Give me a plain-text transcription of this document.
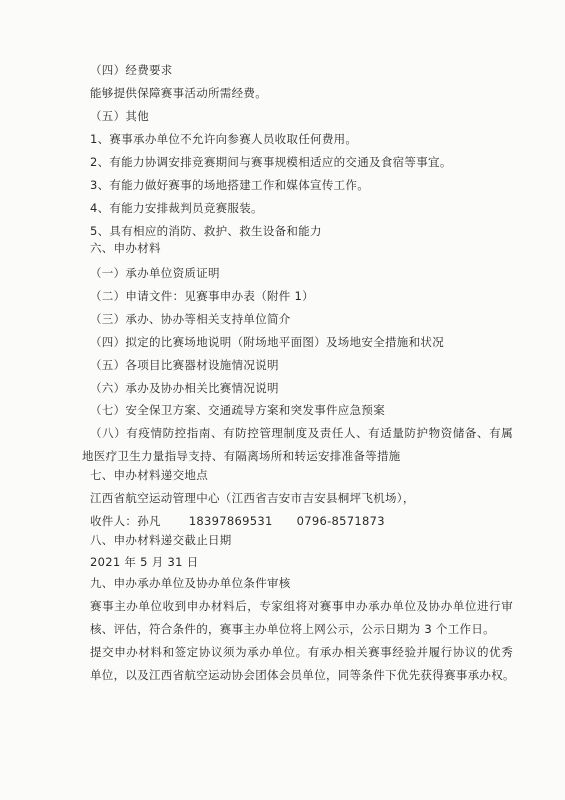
（四）经费要求
能够提供保障赛事活动所需经费。
（五）其他
1、赛事承办单位不允许向参赛人员收取任何费用。
2、有能力协调安排竞赛期间与赛事规模相适应的交通及食宿等事宜。
3、有能力做好赛事的场地搭建工作和媒体宣传工作。
4、有能力安排裁判员竞赛服装。
5、具有相应的消防、救护、救生设备和能力
六、申办材料
（一）承办单位资质证明
（二）申请文件：见赛事申办表（附件 1）
（三）承办、协办等相关支持单位简介
（四）拟定的比赛场地说明（附场地平面图）及场地安全措施和状况
（五）各项目比赛器材设施情况说明
（六）承办及协办相关比赛情况说明
（七）安全保卫方案、交通疏导方案和突发事件应急预案
（八）有疫情防控指南、有防控管理制度及责任人、有适量防护物资储备、有属
地医疗卫生力量指导支持、有隔离场所和转运安排准备等措施
七、申办材料递交地点
江西省航空运动管理中心（江西省吉安市吉安县桐坪飞机场），
收件人：孙凡 18397869531 0796-8571873
八、申办材料递交截止日期
2021 年 5 月 31 日
九、申办承办单位及协办单位条件审核
赛事主办单位收到申办材料后，专家组将对赛事申办承办单位及协办单位进行审
核、评估，符合条件的，赛事主办单位将上网公示，公示日期为 3 个工作日。
提交申办材料和签定协议须为承办单位。有承办相关赛事经验并履行协议的优秀
单位，以及江西省航空运动协会团体会员单位，同等条件下优先获得赛事承办权。
